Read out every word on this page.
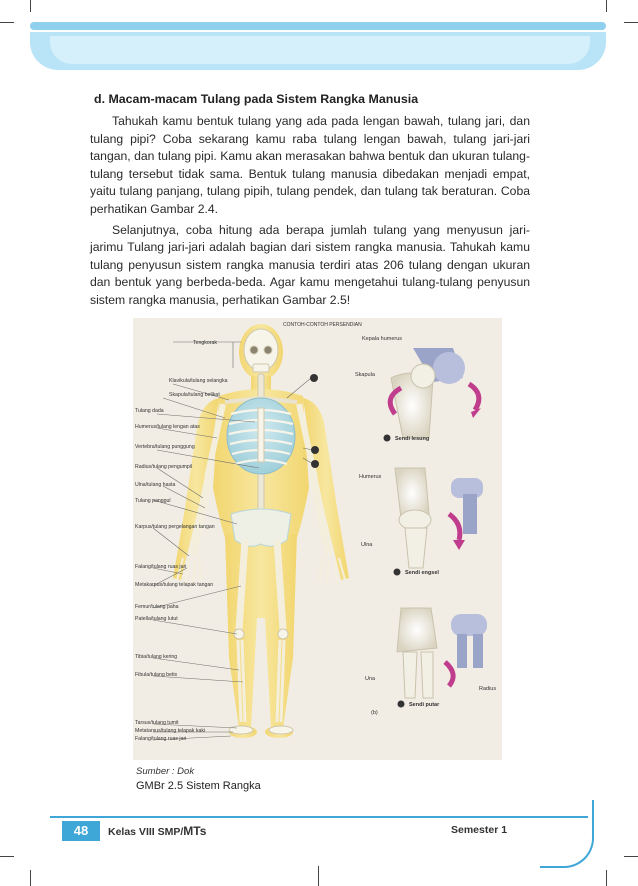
d. Macam-macam Tulang pada Sistem Rangka Manusia

Tahukah kamu bentuk tulang yang ada pada lengan bawah, tulang jari, dan tulang pipi? Coba sekarang kamu raba tulang lengan bawah, tulang jari-jari tangan, dan tulang pipi. Kamu akan merasakan bahwa bentuk dan ukuran tulang-tulang tersebut tidak sama. Bentuk tulang manusia dibedakan menjadi empat, yaitu tulang panjang, tulang pipih, tulang pendek, dan tulang tak beraturan. Coba perhatikan Gambar 2.4.

Selanjutnya, coba hitung ada berapa jumlah tulang yang menyusun jari-jarimu Tulang jari-jari adalah bagian dari sistem rangka manusia. Tahukah kamu tulang penyusun sistem rangka manusia terdiri atas 206 tulang dengan ukuran dan bentuk yang berbeda-beda. Agar kamu mengetahui tulang-tulang penyusun sistem rangka manusia, perhatikan Gambar 2.5!

Tengkorak
Klavikula/tulang selangka
Skapula/tulang belikat
Tulang dada
Humerus/tulang lengan atas
Vertebra/tulang punggung
Radius/tulang pengumpil
Ulna/tulang hasta
Tulang panggul
Karpus/tulang pergelangan tangan
Falang/tulang ruas jari
Metakarpus/tulang telapak tangan
Femur/tulang paha
Patella/tulang lutut
Tibia/tulang kering
Fibula/tulang betis
Tarsus/tulang tumit
Metatarsus/tulang telapak kaki
Falang/tulang ruas jari
CONTOH-CONTOH PERSENDIAN
1
2
3
Kepala humerus
Skapula
Sendi lesung
Humerus
Ulna
Sendi engsel
Una
Radius
(b)
Sendi putar
Sumber : Dok
GMBr 2.5 Sistem Rangka
48	Kelas VIII SMP/MTs	Semester 1
